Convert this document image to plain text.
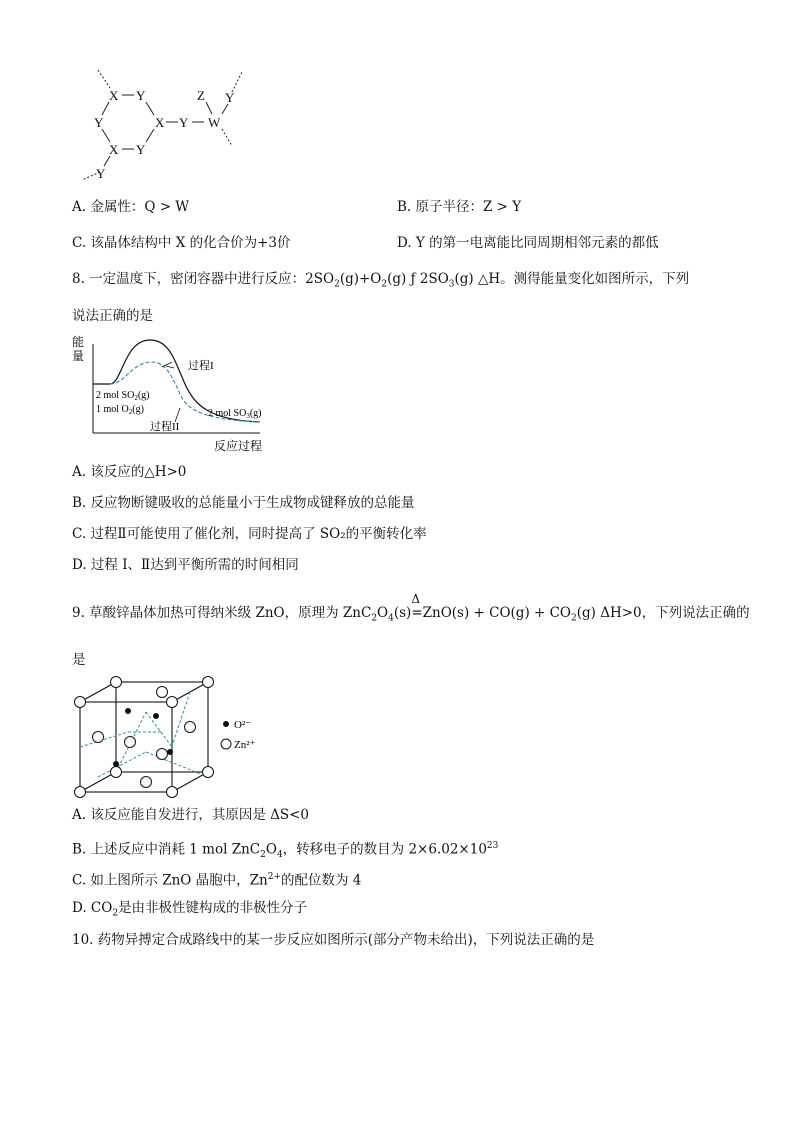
X Y
Y	X Y W
Z Y
X Y
Y
A. 金属性：Q > W	B. 原子半径：Z > Y
C. 该晶体结构中 X 的化合价为+3价	D. Y 的第一电离能比同周期相邻元素的都低
8. 一定温度下，密闭容器中进行反应：$2SO_2(g)+O_2(g)$ ƒ $2SO_3(g)$ △H。测得能量变化如图所示，下列
说法正确的是
能
量
过程I
2 mol $SO_2(g)$
1 mol $O_2(g)$
过程II
2 mol $SO_3(g)$
反应过程
A. 该反应的△H>0
B. 反应物断键吸收的总能量小于生成物成键释放的总能量
C. 过程Ⅱ可能使用了催化剂，同时提高了 SO₂的平衡转化率
D. 过程 I、Ⅱ达到平衡所需的时间相同
9. 草酸锌晶体加热可得纳米级 ZnO，原理为 $ZnC_2O_4(s)$
Δ
$=ZnO(s) + CO(g) + CO_2(g)$ ΔH>0，下列说法正确的
是
O²⁻
Zn²⁺
A. 该反应能自发进行，其原因是 ΔS<0
B. 上述反应中消耗 1 mol $ZnC_2O_4$，转移电子的数目为 $2\times 6.02\times 10^{23}$
C. 如上图所示 ZnO 晶胞中，$Zn^{2+}$的配位数为 4
D. $CO_2$是由非极性键构成的非极性分子
10. 药物异搏定合成路线中的某一步反应如图所示(部分产物未给出)，下列说法正确的是
